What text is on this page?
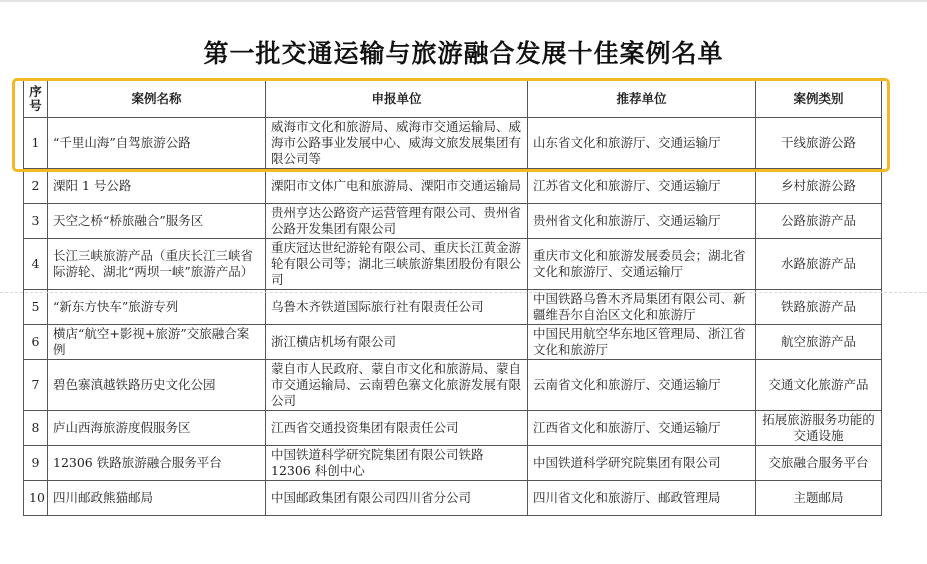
第一批交通运输与旅游融合发展十佳案例名单
序号	案例名称	申报单位	推荐单位	案例类别
1	“千里山海”自驾旅游公路	威海市文化和旅游局、威海市交通运输局、威海市公路事业发展中心、威海文旅发展集团有限公司等	山东省文化和旅游厅、交通运输厅	干线旅游公路
2	溧阳 1 号公路	溧阳市文体广电和旅游局、溧阳市交通运输局	江苏省文化和旅游厅、交通运输厅	乡村旅游公路
3	天空之桥“桥旅融合”服务区	贵州亨达公路资产运营管理有限公司、贵州省公路开发集团有限公司	贵州省文化和旅游厅、交通运输厅	公路旅游产品
4	长江三峡旅游产品（重庆长江三峡省际游轮、湖北“两坝一峡”旅游产品）	重庆冠达世纪游轮有限公司、重庆长江黄金游轮有限公司等；湖北三峡旅游集团股份有限公司	重庆市文化和旅游发展委员会；湖北省文化和旅游厅、交通运输厅	水路旅游产品
5	“新东方快车”旅游专列	乌鲁木齐铁道国际旅行社有限责任公司	中国铁路乌鲁木齐局集团有限公司、新疆维吾尔自治区文化和旅游厅	铁路旅游产品
6	横店“航空+影视+旅游”交旅融合案例	浙江横店机场有限公司	中国民用航空华东地区管理局、浙江省文化和旅游厅	航空旅游产品
7	碧色寨滇越铁路历史文化公园	蒙自市人民政府、蒙自市文化和旅游局、蒙自市交通运输局、云南碧色寨文化旅游发展有限公司	云南省文化和旅游厅、交通运输厅	交通文化旅游产品
8	庐山西海旅游度假服务区	江西省交通投资集团有限责任公司	江西省文化和旅游厅、交通运输厅	拓展旅游服务功能的交通设施
9	12306 铁路旅游融合服务平台	中国铁道科学研究院集团有限公司铁路 12306 科创中心	中国铁道科学研究院集团有限公司	交旅融合服务平台
10	四川邮政熊猫邮局	中国邮政集团有限公司四川省分公司	四川省文化和旅游厅、邮政管理局	主题邮局
